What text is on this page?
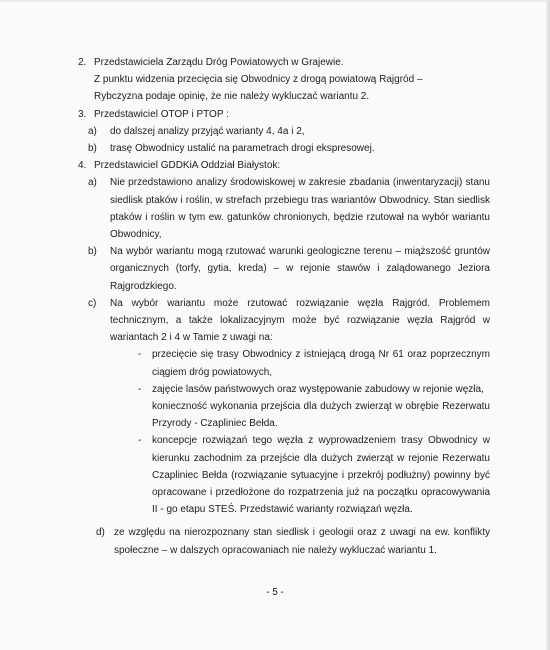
2. Przedstawiciela Zarządu Dróg Powiatowych w Grajewie.
Z punktu widzenia przecięcia się Obwodnicy z drogą powiatową Rajgród –
Rybczyzna podaje opinię, że nie należy wykluczać wariantu 2.
3. Przedstawiciel OTOP i PTOP :
a)	do dalszej analizy przyjąć warianty 4, 4a i 2,
b)	trasę Obwodnicy ustalić na parametrach drogi ekspresowej.
4. Przedstawiciel GDDKiA Oddział Białystok:
a)	Nie przedstawiono analizy środowiskowej w zakresie zbadania (inwentaryzacji) stanu siedlisk ptaków i roślin, w strefach przebiegu tras wariantów Obwodnicy. Stan siedlisk ptaków i roślin w tym ew. gatunków chronionych, będzie rzutował na wybór wariantu Obwodnicy,
b)	Na wybór wariantu mogą rzutować warunki geologiczne terenu – miąższość gruntów organicznych (torfy, gytia, kreda) – w rejonie stawów i zalądowanego Jeziora Rajgrodzkiego.
c)	Na wybór wariantu może rzutować rozwiązanie węzła Rajgród. Problemem technicznym, a także lokalizacyjnym może być rozwiązanie węzła Rajgród w wariantach 2 i 4 w Tamie z uwagi na:
-	przecięcie się trasy Obwodnicy z istniejącą drogą Nr 61 oraz poprzecznym ciągiem dróg powiatowych,
-	zajęcie lasów państwowych oraz występowanie zabudowy w rejonie węzła,
konieczność wykonania przejścia dla dużych zwierząt w obrębie Rezerwatu Przyrody - Czapliniec Bełda.
-	koncepcje rozwiązań tego węzła z wyprowadzeniem trasy Obwodnicy w kierunku zachodnim za przejście dla dużych zwierząt w rejonie Rezerwatu Czapliniec Bełda (rozwiązanie sytuacyjne i przekrój podłużny) powinny być opracowane i przedłożone do rozpatrzenia już na początku opracowywania II - go etapu STEŚ. Przedstawić warianty rozwiązań węzła.
d) ze względu na nierozpoznany stan siedlisk i geologii oraz z uwagi na ew. konflikty społeczne – w dalszych opracowaniach nie należy wykluczać wariantu 1.
- 5 -
